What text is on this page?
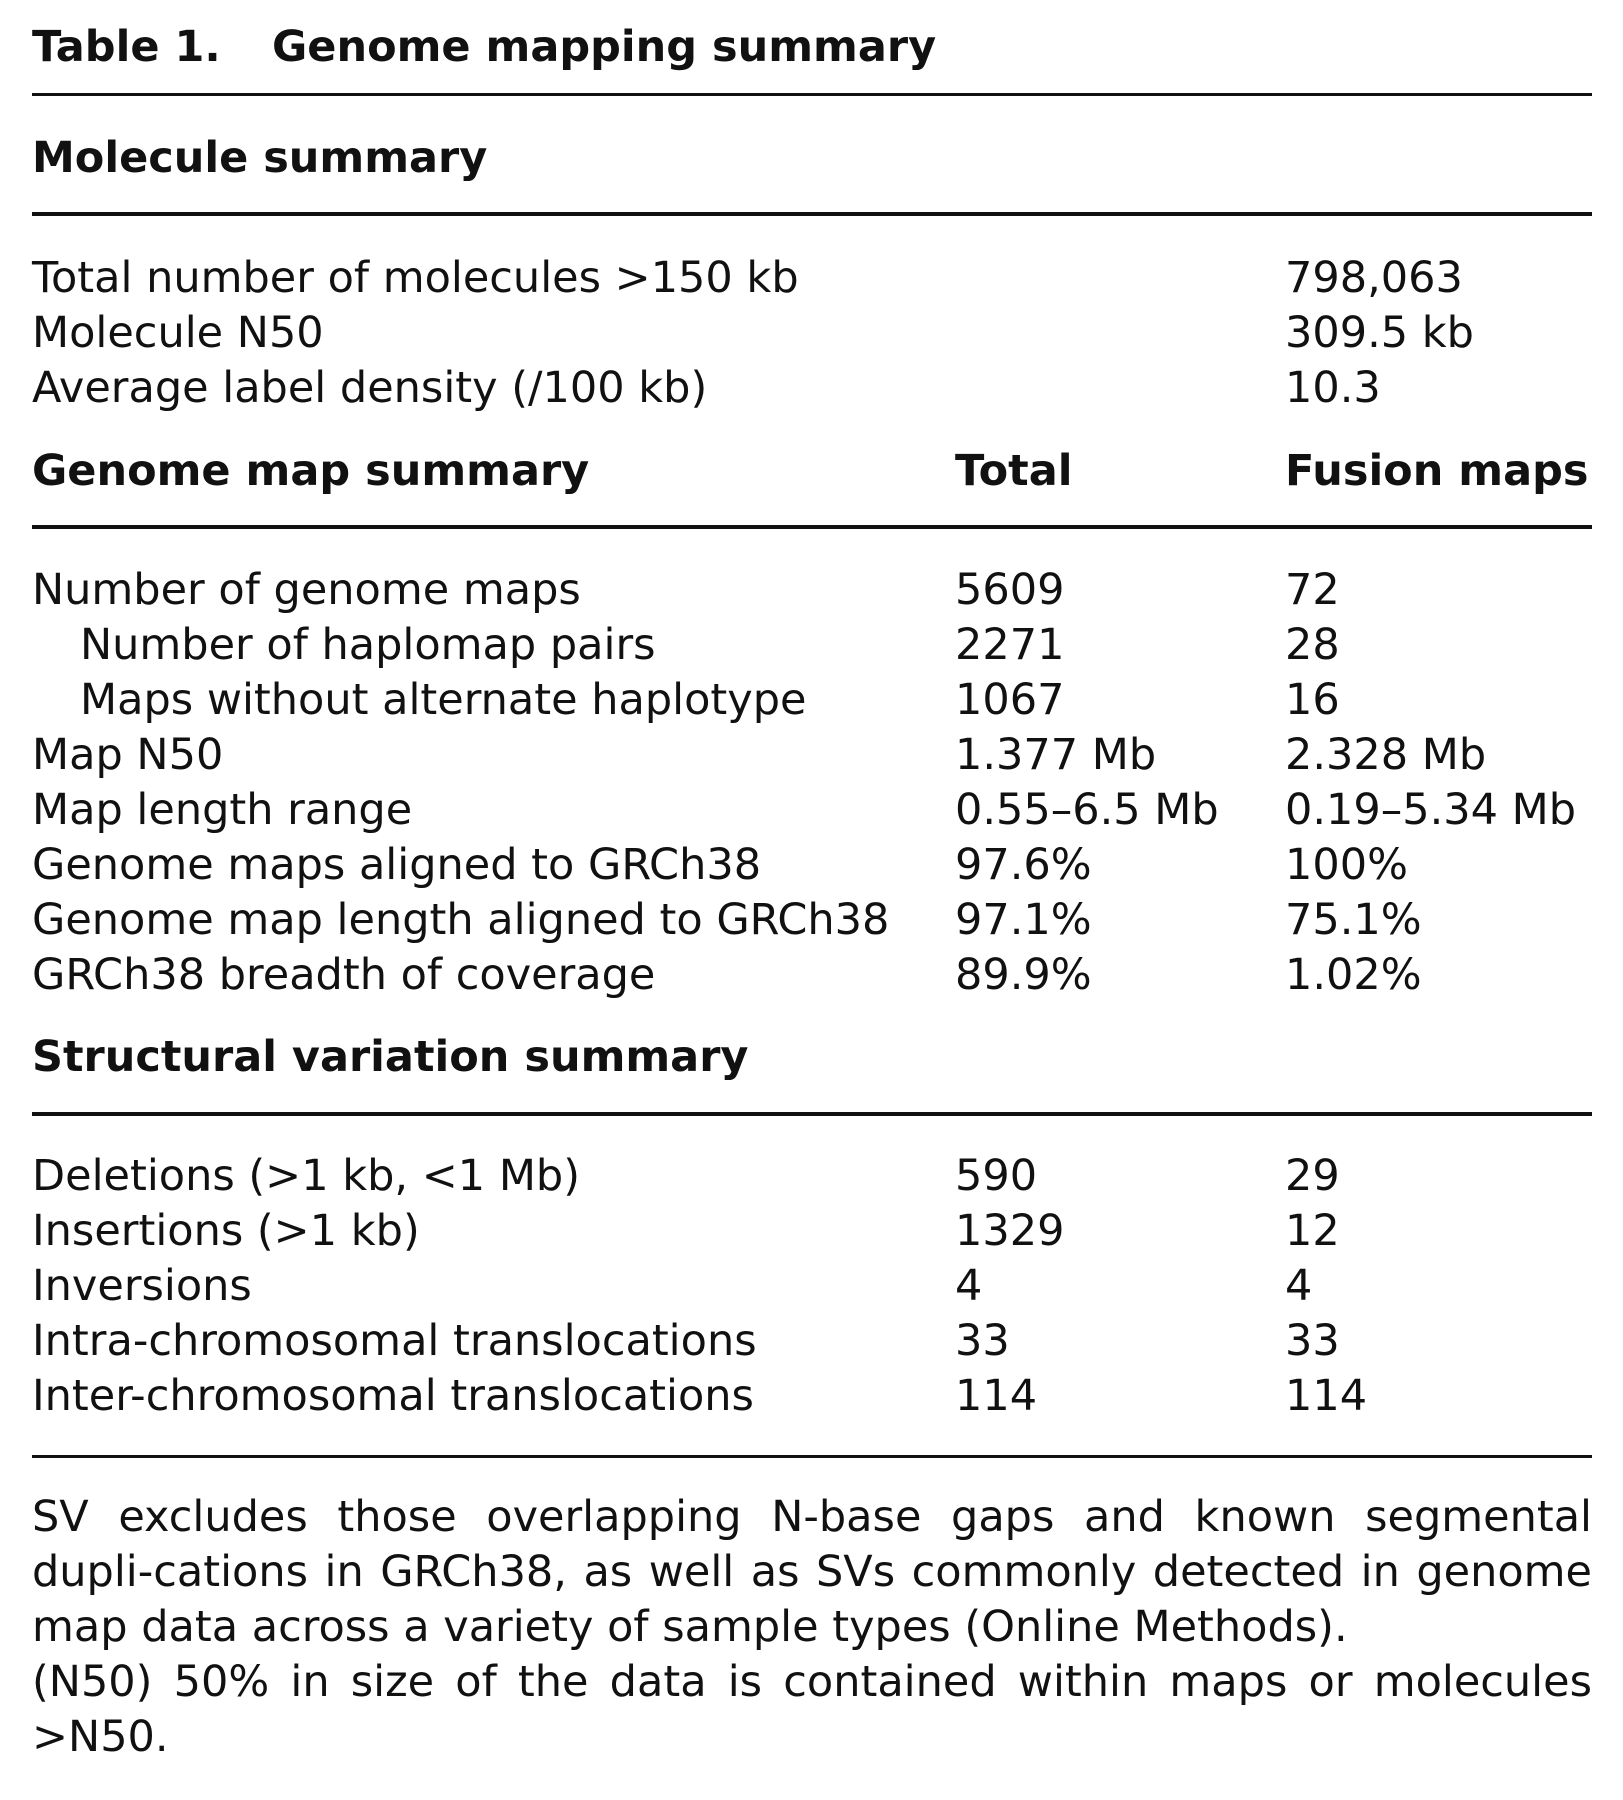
Table 1. Genome mapping summary
Molecule summary
Total number of molecules >150 kb	798,063
Molecule N50	309.5 kb
Average label density (/100 kb)	10.3
Genome map summary	Total	Fusion maps
Number of genome maps	5609	72
Number of haplomap pairs	2271	28
Maps without alternate haplotype	1067	16
Map N50	1.377 Mb	2.328 Mb
Map length range	0.55–6.5 Mb 0.19–5.34 Mb
Genome maps aligned to GRCh38	97.6%	100%
Genome map length aligned to GRCh38 97.1%	75.1%
GRCh38 breadth of coverage	89.9%	1.02%
Structural variation summary
Deletions (>1 kb, <1 Mb)	590	29
Insertions (>1 kb)	1329	12
Inversions	4	4
Intra-chromosomal translocations	33	33
Inter-chromosomal translocations	114	114

SV excludes those overlapping N-base gaps and known segmental dupli-cations in GRCh38, as well as SVs commonly detected in genome map data across a variety of sample types (Online Methods).

(N50) 50% in size of the data is contained within maps or molecules >N50.
